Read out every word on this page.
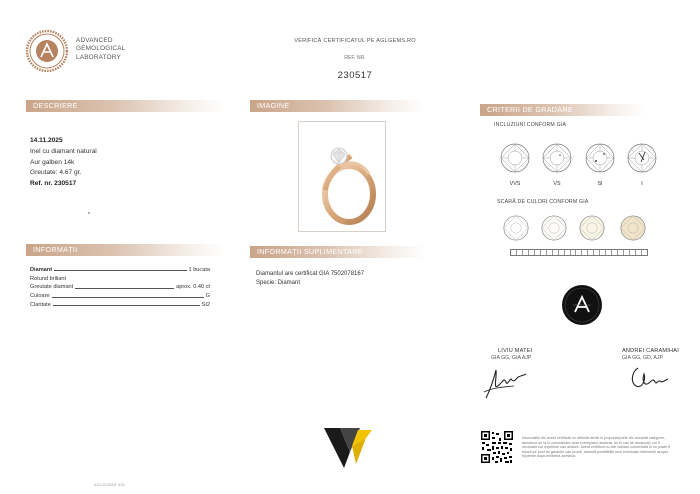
ADVANCED
GEMOLOGICAL
LABORATORY
VERIFICĂ CERTIFICATUL PE AGLGEMS.RO
REF. NR.
230517
DESCRIERE
14.11.2025
Inel cu diamant natural
Aur galben 14k
Greutate: 4.67 gr.
Ref. nr. 230517
IMAGINE	CRITERII DE GRADARE
INCLUZIUNI CONFORM GIA
VVS	VS	SI	I
SCARĂ DE CULORI CONFORM GIA
LIVIU MATEI
GIA GG, GIA AJP
ANDREI CARAMIHAI
GIA GG, GD, AJP
INFORMAȚII
Diamant	1 bucata
Rotund briliant
Greutate diamant	aprox. 0.40 ct
Culoare	G
Claritate	SI2
INFORMAȚII SUPLIMENTARE
Diamantul are certificat GIA 7502078167
Specie: Diamant
Informațiile din acest certificat nu reflectă decât în proporție/parte din această categorie, deoarece se ia în considerare doar exemplarul analizat, iar în caz de dezacord, vor fi necesare noi expertize sau analize. Acest certificat nu are valoare comercială și nu poate fi folosit pe post de garanție sau probă, datorită posibilității unei eventuale intervenții asupra bijuteriei după emiterea acestuia.
AGL2025AR 001
